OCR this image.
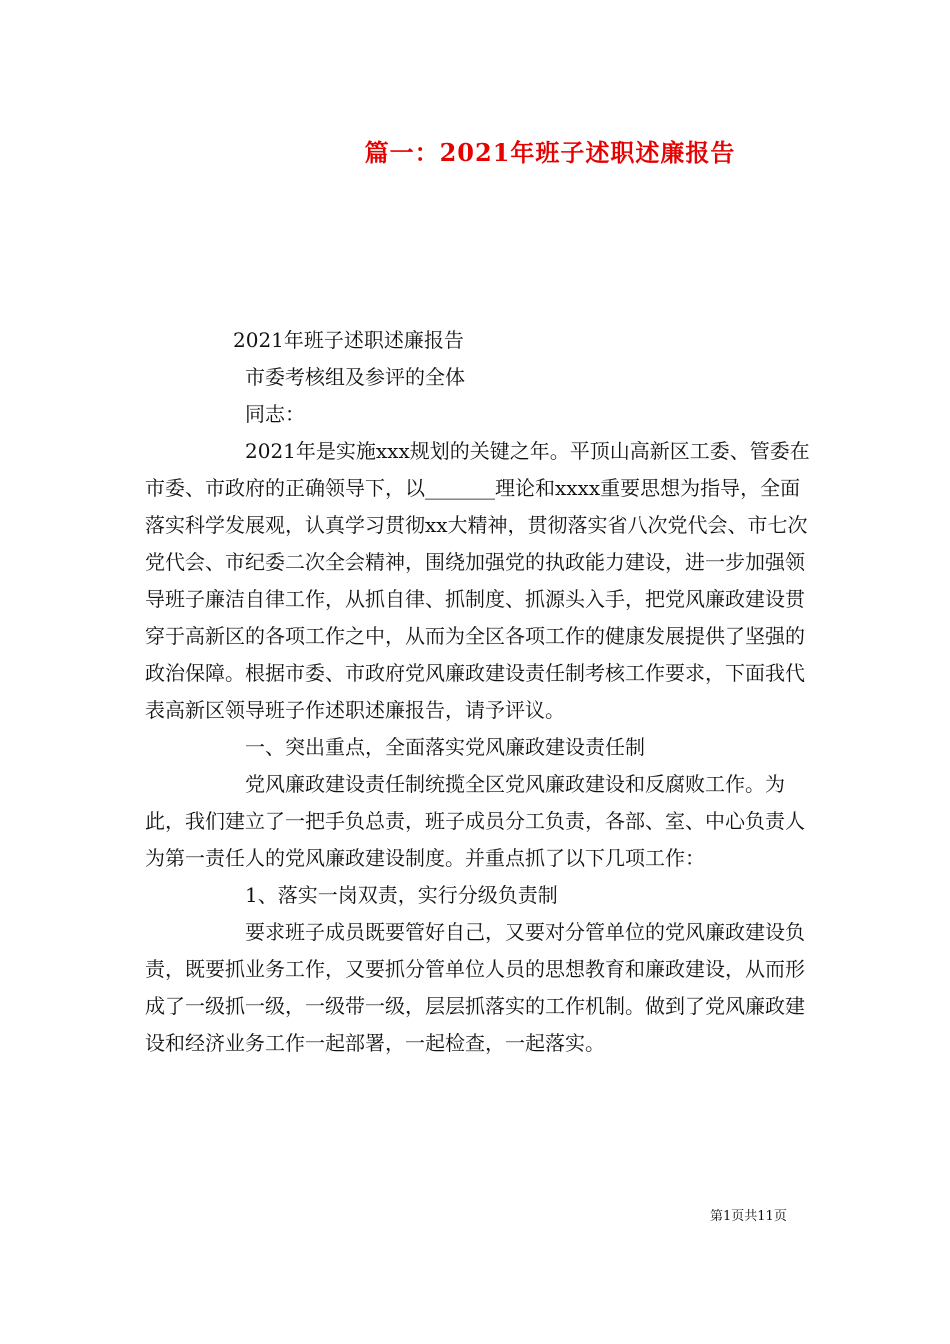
篇一：2021年班子述职述廉报告
2021年班子述职述廉报告
市委考核组及参评的全体
同志：
2021年是实施xxx规划的关键之年。平顶山高新区工委、管委在市委、市政府的正确领导下，以_______理论和xxxx重要思想为指导，全面落实科学发展观，认真学习贯彻xx大精神，贯彻落实省八次党代会、市七次党代会、市纪委二次全会精神，围绕加强党的执政能力建设，进一步加强领导班子廉洁自律工作，从抓自律、抓制度、抓源头入手，把党风廉政建设贯穿于高新区的各项工作之中，从而为全区各项工作的健康发展提供了坚强的政治保障。根据市委、市政府党风廉政建设责任制考核工作要求，下面我代表高新区领导班子作述职述廉报告，请予评议。
一、突出重点，全面落实党风廉政建设责任制
党风廉政建设责任制统揽全区党风廉政建设和反腐败工作。为此，我们建立了一把手负总责，班子成员分工负责，各部、室、中心负责人为第一责任人的党风廉政建设制度。并重点抓了以下几项工作：
1、落实一岗双责，实行分级负责制
要求班子成员既要管好自己，又要对分管单位的党风廉政建设负责，既要抓业务工作，又要抓分管单位人员的思想教育和廉政建设，从而形成了一级抓一级，一级带一级，层层抓落实的工作机制。做到了党风廉政建设和经济业务工作一起部署，一起检查，一起落实。
第1页共11页
